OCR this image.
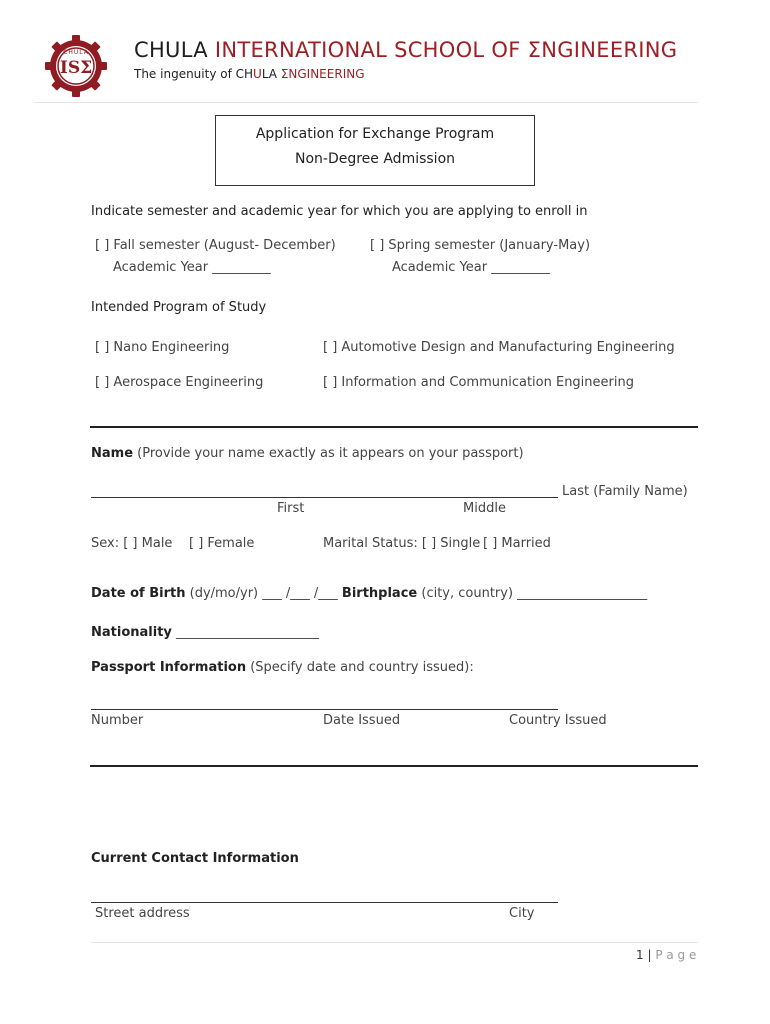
CHULA
ISΣ
CHULA INTERNATIONAL SCHOOL OF ΣNGINEERING
The ingenuity of CHULA ΣNGINEERING
Application for Exchange Program
Non-Degree Admission
Indicate semester and academic year for which you are applying to enroll in
[ ] Fall semester (August- December)
Academic Year _________
[ ] Spring semester (January-May)
Academic Year _________
Intended Program of Study
[ ] Nano Engineering	[ ] Automotive Design and Manufacturing Engineering
[ ] Aerospace Engineering	[ ] Information and Communication Engineering
Name (Provide your name exactly as it appears on your passport)
Last (Family Name)
First	Middle
Sex: [ ] Male [ ] Female	Marital Status: [ ] Single [ ] Married
Date of Birth (dy/mo/yr) ___ /___ /___ Birthplace (city, country) ____________________
Nationality ______________________
Passport Information (Specify date and country issued):
Number	Date Issued	Country Issued
Current Contact Information
Street address	City
1 | P a g e
